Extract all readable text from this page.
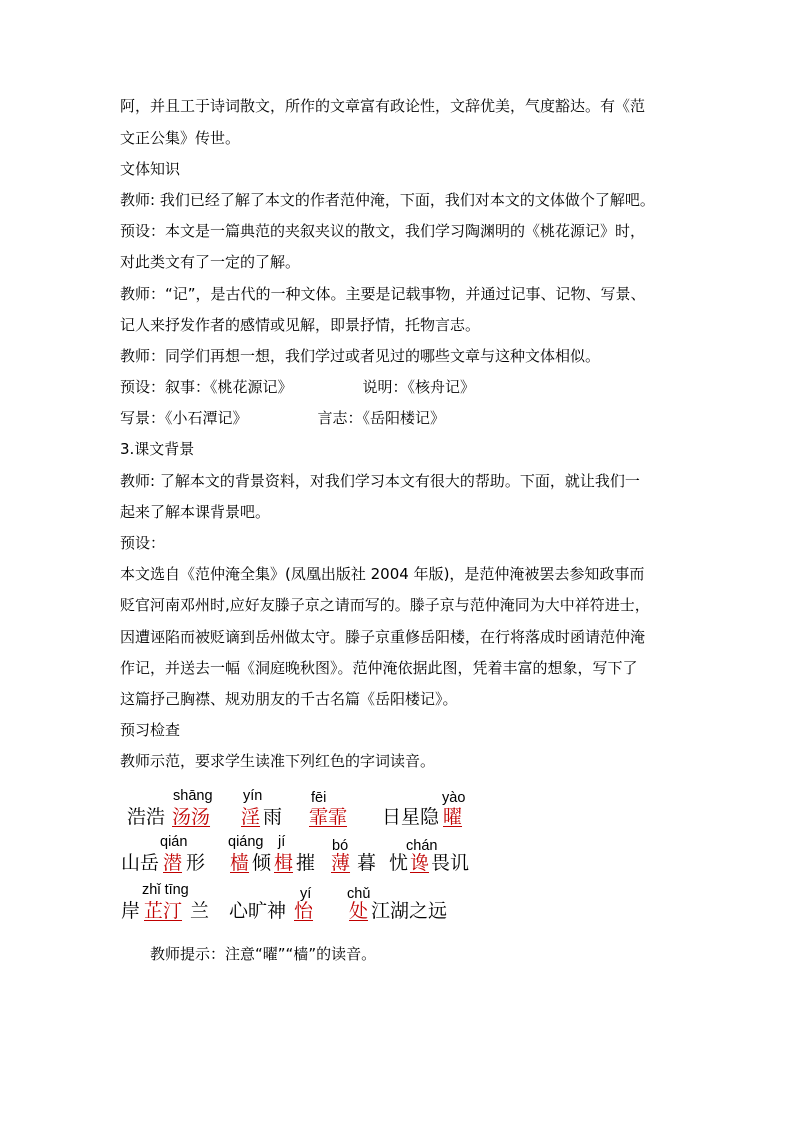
阿，并且工于诗词散文，所作的文章富有政论性，文辞优美，气度豁达。有《范
文正公集》传世。
文体知识
教师: 我们已经了解了本文的作者范仲淹，下面，我们对本文的文体做个了解吧。
预设：本文是一篇典范的夹叙夹议的散文，我们学习陶渊明的《桃花源记》时，
对此类文有了一定的了解。
教师：“记”，是古代的一种文体。主要是记载事物，并通过记事、记物、写景、
记人来抒发作者的感情或见解，即景抒情，托物言志。
教师：同学们再想一想，我们学过或者见过的哪些文章与这种文体相似。
预设：叙事：《桃花源记》	说明：《核舟记》
写景：《小石潭记》	言志：《岳阳楼记》
3.课文背景
教师: 了解本文的背景资料，对我们学习本文有很大的帮助。下面，就让我们一
起来了解本课背景吧。
预设：
本文选自《范仲淹全集》(凤凰出版社 2004 年版)，是范仲淹被罢去参知政事而
贬官河南邓州时,应好友滕子京之请而写的。滕子京与范仲淹同为大中祥符进士，
因遭诬陷而被贬谪到岳州做太守。滕子京重修岳阳楼，在行将落成时函请范仲淹
作记，并送去一幅《洞庭晚秋图》。范仲淹依据此图，凭着丰富的想象，写下了
这篇抒己胸襟、规劝朋友的千古名篇《岳阳楼记》。
预习检查
教师示范，要求学生读准下列红色的字词读音。
shāng yín	fēi	yào
浩浩 汤汤 淫 雨 霏霏 日星隐 曜
qián	qiáng jí	bó	chán
山岳 潜 形 樯 倾 楫 摧 薄 暮 忧 谗 畏讥
zhǐ tīng	yí chǔ
岸 芷汀 兰 心旷神 怡 处 江湖之远
教师提示：注意“曜”“樯”的读音。
